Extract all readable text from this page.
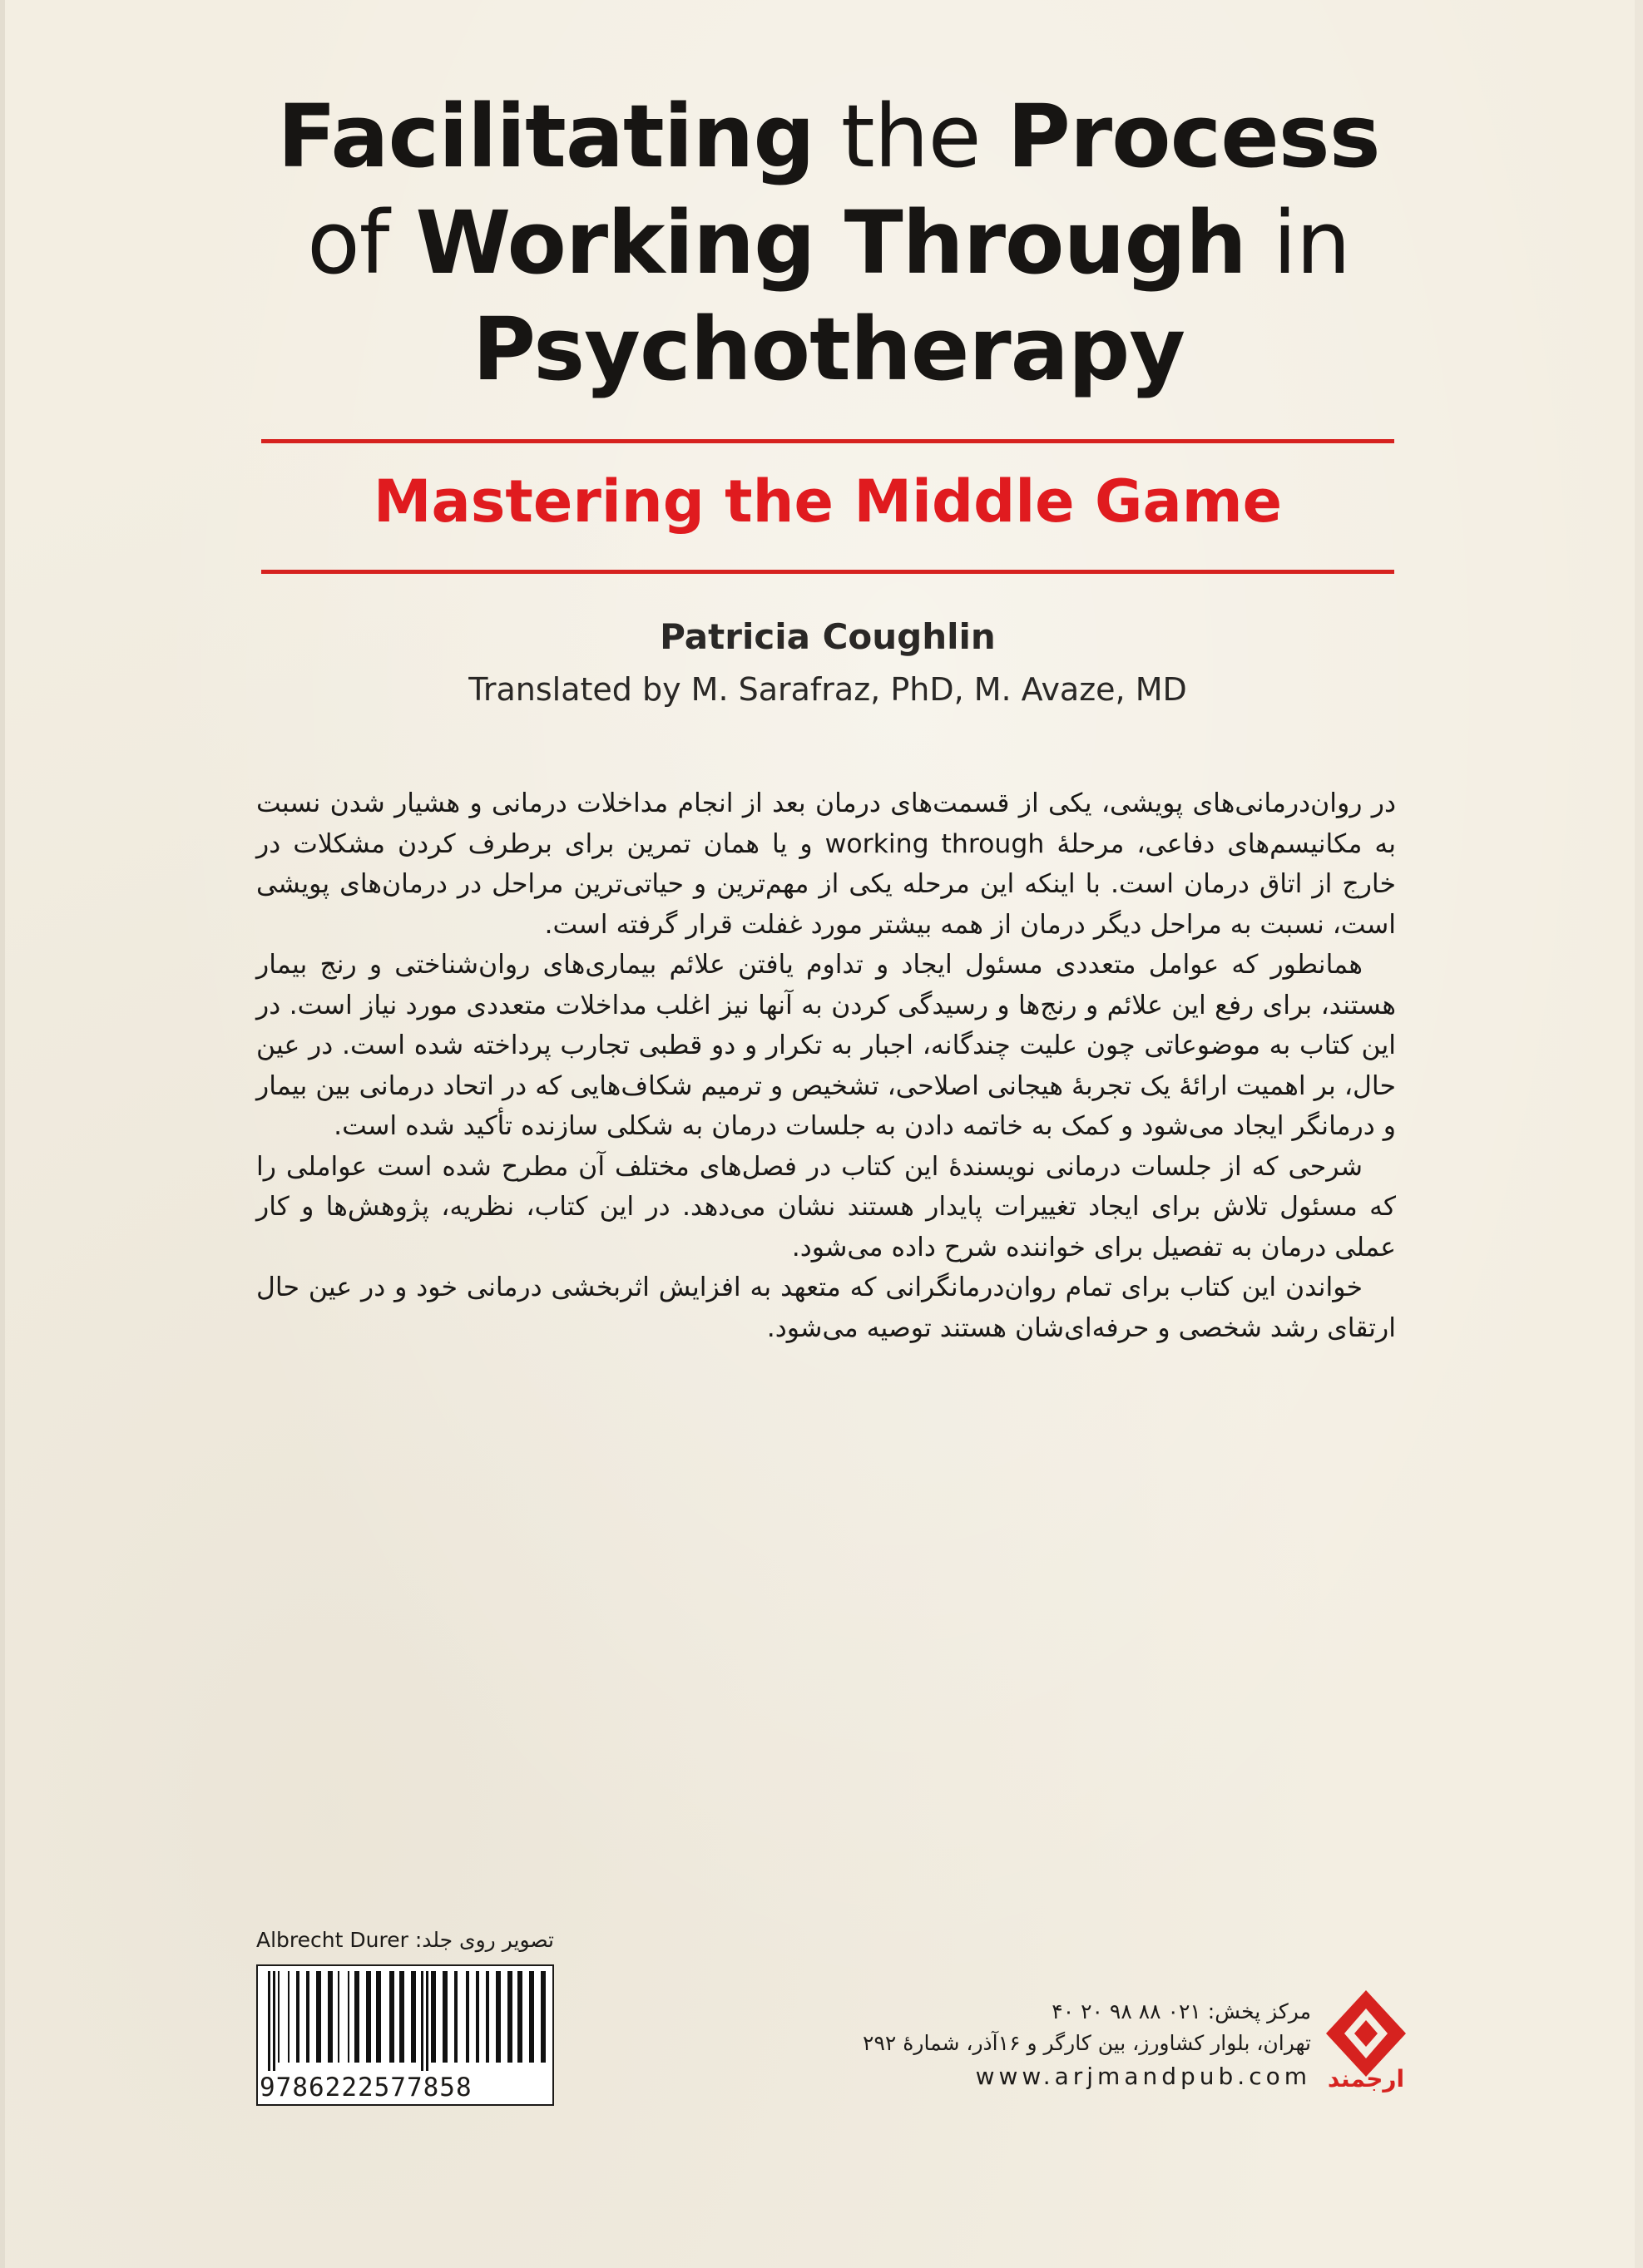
Facilitating the Process
of Working Through in
Psychotherapy
Mastering the Middle Game
Patricia Coughlin
Translated by M. Sarafraz, PhD, M. Avaze, MD

در روان‌درمانی‌های پویشی، یکی از قسمت‌های درمان بعد از انجام مداخلات درمانی و هشیار شدن نسبت به مکانیسم‌های دفاعی، مرحلهٔ working through و یا همان تمرین برای برطرف کردن مشکلات در خارج از اتاق درمان است. با اینکه این مرحله یکی از مهم‌ترین و حیاتی‌ترین مراحل در درمان‌های پویشی است، نسبت به مراحل دیگر درمان از همه بیشتر مورد غفلت قرار گرفته است.

همانطور که عوامل متعددی مسئول ایجاد و تداوم یافتن علائم بیماری‌های روان‌شناختی و رنج بیمار هستند، برای رفع این علائم و رنج‌ها و رسیدگی کردن به آنها نیز اغلب مداخلات متعددی مورد نیاز است. در این کتاب به موضوعاتی چون علیت چندگانه، اجبار به تکرار و دو قطبی تجارب پرداخته شده است. در عین حال، بر اهمیت ارائهٔ یک تجربهٔ هیجانی اصلاحی، تشخیص و ترمیم شکاف‌هایی که در اتحاد درمانی بین بیمار و درمانگر ایجاد می‌شود و کمک به خاتمه دادن به جلسات درمان به شکلی سازنده تأکید شده است.

شرحی که از جلسات درمانی نویسندهٔ این کتاب در فصل‌های مختلف آن مطرح شده است عواملی را که مسئول تلاش برای ایجاد تغییرات پایدار هستند نشان می‌دهد. در این کتاب، نظریه، پژوهش‌ها و کار عملی درمان به تفصیل برای خواننده شرح داده می‌شود.

خواندن این کتاب برای تمام روان‌درمانگرانی که متعهد به افزایش اثربخشی درمانی خود و در عین حال ارتقای رشد شخصی و حرفه‌ای‌شان هستند توصیه می‌شود.

تصویر روی جلد: Albrecht Durer
9786222577858
مرکز پخش: ۰۲۱ ۸۸ ۹۸ ۲۰ ۴۰
تهران، بلوار کشاورز، بین کارگر و ۱۶آذر، شمارهٔ ۲۹۲
www.arjmandpub.com ارجمند
